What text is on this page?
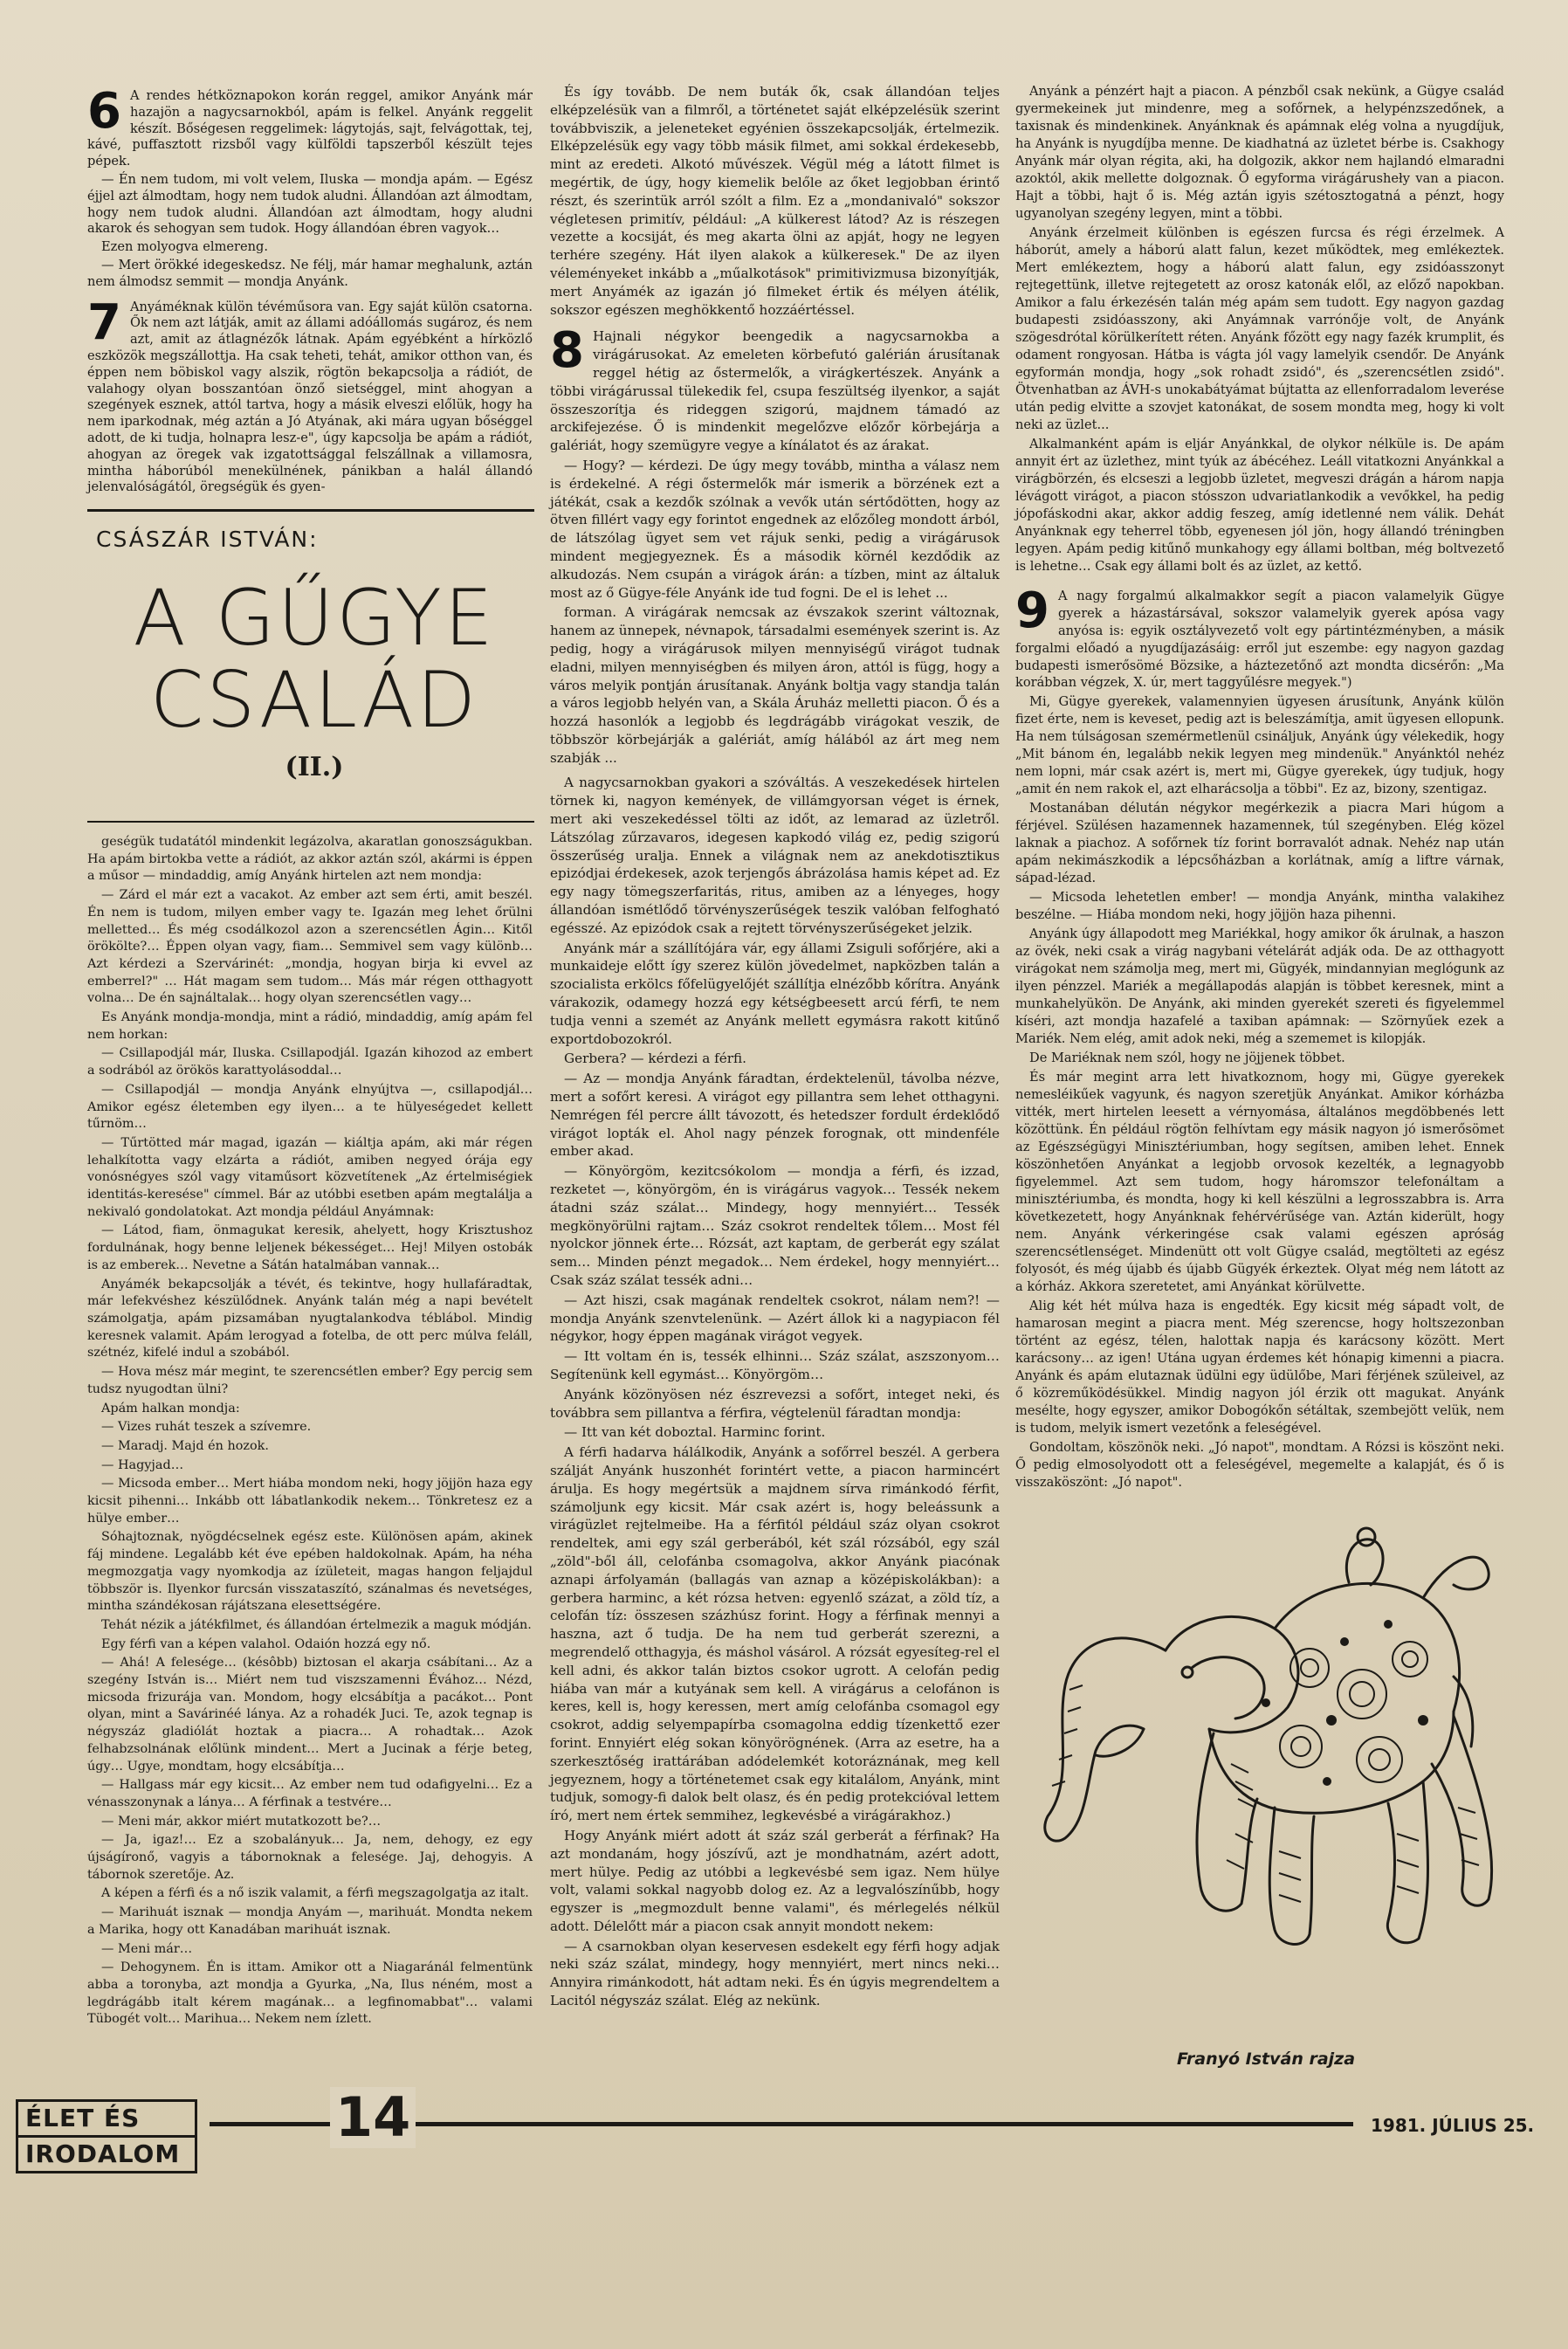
6 A rendes hétköznapokon korán reggel, amikor Anyánk már hazajön a nagycsarnokból, apám is felkel. Anyánk reggelit készít. Bőségesen reggelimek: lágytojás, sajt, felvágottak, tej, kávé, puffasztott rizsből vagy külföldi tapszerből készült tejes pépek.

— Én nem tudom, mi volt velem, Iluska — mondja apám. — Egész éjjel azt álmodtam, hogy nem tudok aludni. Állandóan azt álmodtam, hogy nem tudok aludni. Állandóan azt álmodtam, hogy aludni akarok és sehogyan sem tudok. Hogy állandóan ébren vagyok…

Ezen molyogva elmereng.

— Mert örökké idegeskedsz. Ne félj, már hamar meghalunk, aztán nem álmodsz semmit — mondja Anyánk.

7 Anyáméknak külön tévéműsora van. Egy saját külön csatorna. Ők nem azt látják, amit az állami adóállomás sugároz, és nem azt, amit az átlagnézők látnak. Apám egyébként a hírközlő eszközök megszállottja. Ha csak teheti, tehát, amikor otthon van, és éppen nem böbiskol vagy alszik, rögtön bekapcsolja a rádiót, de valahogy olyan bosszantóan önző sietséggel, mint ahogyan a szegények esznek, attól tartva, hogy a másik elveszi előlük, hogy ha nem iparkodnak, még aztán a Jó Atyának, aki mára ugyan bőséggel adott, de ki tudja, holnapra lesz-e", úgy kapcsolja be apám a rádiót, ahogyan az öregek vak izgatottsággal felszállnak a villamosra, mintha háborúból menekülnének, pánikban a halál állandó jelenvalóságától, öregségük és gyen-

CSÁSZÁR ISTVÁN:
A GŰGYE
CSALÁD
(II.)

geségük tudatától mindenkit legázolva, akaratlan gonoszságukban. Ha apám birtokba vette a rádiót, az akkor aztán szól, akármi is éppen a műsor — mindaddig, amíg Anyánk hirtelen azt nem mondja:

— Zárd el már ezt a vacakot. Az ember azt sem érti, amit beszél. Én nem is tudom, milyen ember vagy te. Igazán meg lehet őrülni melletted… És még csodálkozol azon a szerencsétlen Ágin… Kitől örökölte?… Éppen olyan vagy, fiam… Semmivel sem vagy különb… Azt kérdezi a Szervárinét: „mondja, hogyan birja ki evvel az emberrel?" … Hát magam sem tudom… Más már régen otthagyott volna… De én sajnáltalak… hogy olyan szerencsétlen vagy…

Es Anyánk mondja-mondja, mint a rádió, mindaddig, amíg apám fel nem horkan:

— Csillapodjál már, Iluska. Csillapodjál. Igazán kihozod az embert a sodrából az örökös karattyolásoddal…

— Csillapodjál — mondja Anyánk elnyújtva —, csillapodjál… Amikor egész életemben egy ilyen… a te hülyeségedet kellett tűrnöm…

— Tűrtötted már magad, igazán — kiáltja apám, aki már régen lehalkította vagy elzárta a rádiót, amiben negyed órája egy vonósnégyes szól vagy vitaműsort közvetítenek „Az értelmiségiek identitás-keresése" címmel. Bár az utóbbi esetben apám megtalálja a nekivaló gondolatokat. Azt mondja például Anyámnak:

— Látod, fiam, önmagukat keresik, ahelyett, hogy Krisztushoz fordulnának, hogy benne leljenek békességet… Hej! Milyen ostobák is az emberek… Nevetne a Sátán hatalmában vannak…

Anyámék bekapcsolják a tévét, és tekintve, hogy hullafáradtak, már lefekvéshez készülődnek. Anyánk talán még a napi bevételt számolgatja, apám pizsamában nyugtalankodva téblábol. Mindig keresnek valamit. Apám lerogyad a fotelba, de ott perc múlva feláll, szétnéz, kifelé indul a szobából.

— Hova mész már megint, te szerencsétlen ember? Egy percig sem tudsz nyugodtan ülni?

Apám halkan mondja:

— Vizes ruhát teszek a szívemre.

— Maradj. Majd én hozok.

— Hagyjad…

— Micsoda ember… Mert hiába mondom neki, hogy jöjjön haza egy kicsit pihenni… Inkább ott lábatlankodik nekem… Tönkretesz ez a hülye ember…

Sóhajtoznak, nyögdécselnek egész este. Különösen apám, akinek fáj mindene. Legalább két éve epében haldokolnak. Apám, ha néha megmozgatja vagy nyomkodja az ízületeit, magas hangon feljajdul többször is. Ilyenkor furcsán visszataszító, szánalmas és nevetséges, mintha szándékosan rájátszana elesettségére.

Tehát nézik a játékfilmet, és állandóan értelmezik a maguk módján.

Egy férfi van a képen valahol. Odaión hozzá egy nő.

— Ahá! A felesége… (késôbb) biztosan el akarja csábítani… Az a szegény István is… Miért nem tud viszszamenni Évához… Nézd, micsoda frizurája van. Mondom, hogy elcsábítja a pacákot… Pont olyan, mint a Savárinéé lánya. Az a rohadék Juci. Te, azok tegnap is négyszáz gladiólát hoztak a piacra… A rohadtak… Azok felhabzsolnának előlünk mindent… Mert a Jucinak a férje beteg, úgy… Ugye, mondtam, hogy elcsábítja…

— Hallgass már egy kicsit… Az ember nem tud odafigyelni… Ez a vénasszonynak a lánya… A férfinak a testvére…

— Meni már, akkor miért mutatkozott be?…

— Ja, igaz!… Ez a szobalányuk… Ja, nem, dehogy, ez egy újságíronő, vagyis a tábornoknak a felesége. Jaj, dehogyis. A tábornok szeretője. Az.

A képen a férfi és a nő iszik valamit, a férfi megszagolgatja az italt.

— Marihuát isznak — mondja Anyám —, marihuát. Mondta nekem a Marika, hogy ott Kanadában marihuát isznak.

— Meni már…

— Dehogynem. Én is ittam. Amikor ott a Niagaránál felmentünk abba a toronyba, azt mondja a Gyurka, „Na, Ilus néném, most a legdrágább italt kérem magának… a legfinomabbat"… valami Tübogét volt… Marihua… Nekem nem ízlett.

És így tovább. De nem buták ők, csak állandóan teljes elképzelésük van a filmről, a történetet saját elképzelésük szerint továbbviszik, a jeleneteket egyénien összekapcsolják, értelmezik. Elképzelésük egy vagy több másik filmet, ami sokkal érdekesebb, mint az eredeti. Alkotó művészek. Végül még a látott filmet is megértik, de úgy, hogy kiemelik belőle az őket legjobban érintő részt, és szerintük arról szólt a film. Ez a „mondanivaló" sokszor végletesen primitív, például: „A külkerest látod? Az is részegen vezette a kocsiját, és meg akarta ölni az apját, hogy ne legyen terhére szegény. Hát ilyen alakok a külkeresek." De az ilyen véleményeket inkább a „műalkotások" primitivizmusa bizonyítják, mert Anyámék az igazán jó filmeket értik és mélyen átélik, sokszor egészen meghökkentő hozzáértéssel.

8 Hajnali négykor beengedik a nagycsarnokba a virágárusokat. Az emeleten körbefutó galérián árusítanak reggel hétig az őstermelők, a virágkertészek. Anyánk a többi virágárussal tülekedik fel, csupa feszültség ilyenkor, a saját összeszorítja és rideggen szigorú, majdnem támadó az arckifejezése. Ő is mindenkit megelőzve előzőr körbejárja a galériát, hogy szemügyre vegye a kínálatot és az árakat.

— Hogy? — kérdezi. De úgy megy tovább, mintha a válasz nem is érdekelné. A régi őstermelők már ismerik a börzének ezt a játékát, csak a kezdők szólnak a vevők után sértődötten, hogy az ötven fillért vagy egy forintot engednek az előzőleg mondott árból, de látszólag ügyet sem vet rájuk senki, pedig a virágárusok mindent megjegyeznek. És a második körnél kezdődik az alkudozás. Nem csupán a virágok árán: a tízben, mint az általuk most az ő Gügye-féle Anyánk ide tud fogni. De el is lehet ...

forman. A virágárak nemcsak az évszakok szerint változnak, hanem az ünnepek, névnapok, társadalmi események szerint is. Az pedig, hogy a virágárusok milyen mennyiségű virágot tudnak eladni, milyen mennyiségben és milyen áron, attól is függ, hogy a város melyik pontján árusítanak. Anyánk boltja vagy standja talán a város legjobb helyén van, a Skála Áruház melletti piacon. Ő és a hozzá hasonlók a legjobb és legdrágább virágokat veszik, de többször körbejárják a galériát, amíg hálából az árt meg nem szabják ...

A nagycsarnokban gyakori a szóváltás. A veszekedések hirtelen törnek ki, nagyon kemények, de villámgyorsan véget is érnek, mert aki veszekedéssel tölti az időt, az lemarad az üzletről. Látszólag zűrzavaros, idegesen kapkodó világ ez, pedig szigorú összerűség uralja. Ennek a világnak nem az anekdotisztikus epizódjai érdekesek, azok terjengős ábrázolása hamis képet ad. Ez egy nagy tömegszerfaritás, ritus, amiben az a lényeges, hogy állandóan ismétlődő törvényszerűségek teszik valóban felfogható egésszé. Az epizódok csak a rejtett törvényszerűségeket jelzik.

Anyánk már a szállítójára vár, egy állami Zsiguli sofőrjére, aki a munkaideje előtt így szerez külön jövedelmet, napközben talán a szocialista erkölcs főfelügyelőjét szállítja elnézőbb kőrítra. Anyánk várakozik, odamegy hozzá egy kétségbeesett arcú férfi, te nem tudja venni a szemét az Anyánk mellett egymásra rakott kitűnő exportdobozokról.

Gerbera? — kérdezi a férfi.

— Az — mondja Anyánk fáradtan, érdektelenül, távolba nézve, mert a sofőrt keresi. A virágot egy pillantra sem lehet otthagyni. Nemrégen fél percre állt távozott, és hetedszer fordult érdeklődő virágot lopták el. Ahol nagy pénzek forognak, ott mindenféle ember akad.

— Könyörgöm, kezitcsókolom — mondja a férfi, és izzad, rezketet —, könyörgöm, én is virágárus vagyok… Tessék nekem átadni száz szálat… Mindegy, hogy mennyiért… Tessék megkönyörülni rajtam… Száz csokrot rendeltek tőlem… Most fél nyolckor jönnek érte… Rózsát, azt kaptam, de gerberát egy szálat sem… Minden pénzt megadok… Nem érdekel, hogy mennyiért… Csak száz szálat tessék adni…

— Azt hiszi, csak magának rendeltek csokrot, nálam nem?! — mondja Anyánk szenvtelenünk. — Azért állok ki a nagypiacon fél négykor, hogy éppen magának virágot vegyek.

— Itt voltam én is, tessék elhinni… Száz szálat, aszszonyom… Segítenünk kell egymást… Könyörgöm…

Anyánk közönyösen néz észrevezsi a sofőrt, integet neki, és továbbra sem pillantva a férfira, végtelenül fáradtan mondja:

— Itt van két doboztal. Harminc forint.

A férfi hadarva hálálkodik, Anyánk a sofőrrel beszél. A gerbera szálját Anyánk huszonhét forintért vette, a piacon harmincért árulja. Es hogy megértsük a majdnem sírva rimánkodó férfit, számoljunk egy kicsit. Már csak azért is, hogy beleássunk a virágüzlet rejtelmeibe. Ha a férfitól például száz olyan csokrot rendeltek, ami egy szál gerberából, két szál rózsából, egy szál „zöld"-ből áll, celofánba csomagolva, akkor Anyánk piacónak aznapi árfolyamán (ballagás van aznap a középiskolákban): a gerbera harminc, a két rózsa hetven: egyenlő százat, a zöld tíz, a celofán tíz: összesen százhúsz forint. Hogy a férfinak mennyi a haszna, azt ő tudja. De ha nem tud gerberát szerezni, a megrendelő otthagyja, és máshol vásárol. A rózsát egyesíteg-rel el kell adni, és akkor talán biztos csokor ugrott. A celofán pedig hiába van már a kutyának sem kell. A virágárus a celofánon is keres, kell is, hogy keressen, mert amíg celofánba csomagol egy csokrot, addig selyempapírba csomagolna eddig tízenkettő ezer forint. Ennyiért elég sokan könyörögnének. (Arra az esetre, ha a szerkesztőség irattárában adódelemkét kotoráznának, meg kell jegyeznem, hogy a történetemet csak egy kitalálom, Anyánk, mint tudjuk, somogy-fi dalok belt olasz, és én pedig protekcióval lettem író, mert nem értek semmihez, legkevésbé a virágárakhoz.)

Hogy Anyánk miért adott át száz szál gerberát a férfinak? Ha azt mondanám, hogy jószívű, azt je mondhatnám, azért adott, mert hülye. Pedig az utóbbi a legkevésbé sem igaz. Nem hülye volt, valami sokkal nagyobb dolog ez. Az a legvalószínűbb, hogy egyszer is „megmozdult benne valami", és mérlegelés nélkül adott. Délelőtt már a piacon csak annyit mondott nekem:

— A csarnokban olyan keservesen esdekelt egy férfi hogy adjak neki száz szálat, mindegy, hogy mennyiért, mert nincs neki… Annyira rimánkodott, hát adtam neki. És én úgyis megrendeltem a Lacitól négyszáz szálat. Elég az nekünk.

Anyánk a pénzért hajt a piacon. A pénzből csak nekünk, a Gügye család gyermekeinek jut mindenre, meg a sofőrnek, a helypénzszedőnek, a taxisnak és mindenkinek. Anyánknak és apámnak elég volna a nyugdíjuk, ha Anyánk is nyugdíjba menne. De kiadhatná az üzletet bérbe is. Csakhogy Anyánk már olyan régita, aki, ha dolgozik, akkor nem hajlandó elmaradni azoktól, akik mellette dolgoznak. Ő egyforma virágárusheły van a piacon. Hajt a többi, hajt ő is. Még aztán igyis szétosztogatná a pénzt, hogy ugyanolyan szegény legyen, mint a többi.

Anyánk érzelmeit különben is egészen furcsa és régi érzelmek. A háborút, amely a háború alatt falun, kezet működtek, meg emlékeztek. Mert emlékeztem, hogy a háború alatt falun, egy zsidóasszonyt rejtegettünk, illetve rejtegetett az orosz katonák elől, az előző napokban. Amikor a falu érkezésén talán még apám sem tudott. Egy nagyon gazdag budapesti zsidóasszony, aki Anyámnak varrónője volt, de Anyánk szögesdrótal körülkerített réten. Anyánk főzött egy nagy fazék krumplit, és odament rongyosan. Hátba is vágta jól vagy lamelyik csendőr. De Anyánk egyformán mondja, hogy „sok rohadt zsidó", és „szerencsétlen zsidó". Ötvenhatban az ÁVH-s unokabátyámat bújtatta az ellenforradalom leverése után pedig elvitte a szovjet katonákat, de sosem mondta meg, hogy ki volt neki az üzlet...

Alkalmanként apám is eljár Anyánkkal, de olykor nélküle is. De apám annyit ért az üzlethez, mint tyúk az ábécéhez. Leáll vitatkozni Anyánkkal a virágbörzén, és elcseszi a legjobb üzletet, megveszi drágán a három napja lévágott virágot, a piacon stósszon udvariatlankodik a vevőkkel, ha pedig jópofáskodni akar, akkor addig feszeg, amíg idetlenné nem válik. Dehát Anyánknak egy teherrel több, egyenesen jól jön, hogy állandó tréningben legyen. Apám pedig kitűnő munkahogy egy állami boltban, még boltvezető is lehetne… Csak egy állami bolt és az üzlet, az kettő.

9 A nagy forgalmú alkalmakkor segít a piacon valamelyik Gügye gyerek a házastársával, sokszor valamelyik gyerek apósa vagy anyósa is: egyik osztályvezető volt egy pártintézményben, a másik forgalmi előadó a nyugdíjazásáig: erről jut eszembe: egy nagyon gazdag budapesti ismerősömé Bözsike, a háztezetőnő azt mondta dicsérőn: „Ma korábban végzek, X. úr, mert taggyűlésre megyek.")

Mi, Gügye gyerekek, valamennyien ügyesen árusítunk, Anyánk külön fizet érte, nem is keveset, pedig azt is beleszámítja, amit ügyesen ellopunk. Ha nem túlságosan szemérmetlenül csináljuk, Anyánk úgy vélekedik, hogy „Mit bánom én, legalább nekik legyen meg mindenük." Anyánktól nehéz nem lopni, már csak azért is, mert mi, Gügye gyerekek, úgy tudjuk, hogy „amit én nem rakok el, azt elharácsolja a többi". Ez az, bizony, szentigaz.

Mostanában délután négykor megérkezik a piacra Mari húgom a férjével. Szülésen hazamennek hazamennek, túl szegényben. Elég közel laknak a piachoz. A sofőrnek tíz forint borravalót adnak. Nehéz nap után apám nekimászkodik a lépcsőházban a korlátnak, amíg a liftre várnak, sápad-lézad.

— Micsoda lehetetlen ember! — mondja Anyánk, mintha valakihez beszélne. — Hiába mondom neki, hogy jöjjön haza pihenni.

Anyánk úgy állapodott meg Mariékkal, hogy amikor ők árulnak, a haszon az övék, neki csak a virág nagybani vételárát adják oda. De az otthagyott virágokat nem számolja meg, mert mi, Gügyék, mindannyian meglógunk az ilyen pénzzel. Mariék a megállapodás alapján is többet keresnek, mint a munkahelyükön. De Anyánk, aki minden gyerekét szereti és figyelemmel kíséri, azt mondja hazafelé a taxiban apámnak: — Szörnyűek ezek a Mariék. Nem elég, amit adok neki, még a szememet is kilopják.

De Mariéknak nem szól, hogy ne jöjjenek többet.

És már megint arra lett hivatkoznom, hogy mi, Gügye gyerekek nemesléikűek vagyunk, és nagyon szeretjük Anyánkat. Amikor kórházba vitték, mert hirtelen leesett a vérnyomása, általános megdöbbenés lett közöttünk. Én például rögtön felhívtam egy másik nagyon jó ismerősömet az Egészségügyi Minisztériumban, hogy segítsen, amiben lehet. Ennek köszönhetően Anyánkat a legjobb orvosok kezelték, a legnagyobb figyelemmel. Azt sem tudom, hogy háromszor telefonáltam a minisztériumba, és mondta, hogy ki kell készülni a legrosszabbra is. Arra következetett, hogy Anyánknak fehérvérűsége van. Aztán kiderült, hogy nem. Anyánk vérkeringése csak valami egészen apróság szerencsétlenséget. Mindenütt ott volt Gügye család, megtölteti az egész folyosót, és még újabb és újabb Gügyék érkeztek. Olyat még nem látott az a kórház. Akkora szeretetet, ami Anyánkat körülvette.

Alig két hét múlva haza is engedték. Egy kicsit még sápadt volt, de hamarosan megint a piacra ment. Még szerencse, hogy holtszezonban történt az egész, télen, halottak napja és karácsony között. Mert karácsony… az igen! Utána ugyan érdemes két hónapig kimenni a piacra. Anyánk és apám elutaznak üdülni egy üdülőbe, Mari férjének szüleivel, az ő közreműködésükkel. Mindig nagyon jól érzik ott magukat. Anyánk mesélte, hogy egyszer, amikor Dobogókőn sétáltak, szembejött velük, nem is tudom, melyik ismert vezetőnk a feleségével.

Gondoltam, köszönök neki. „Jó napot", mondtam. A Rózsi is köszönt neki. Ő pedig elmosolyodott ott a feleségével, megemelte a kalapját, és ő is visszaköszönt: „Jó napot".

Franyó István rajza
ÉLET ÉS
IRODALOM
14	1981. JÚLIUS 25.
